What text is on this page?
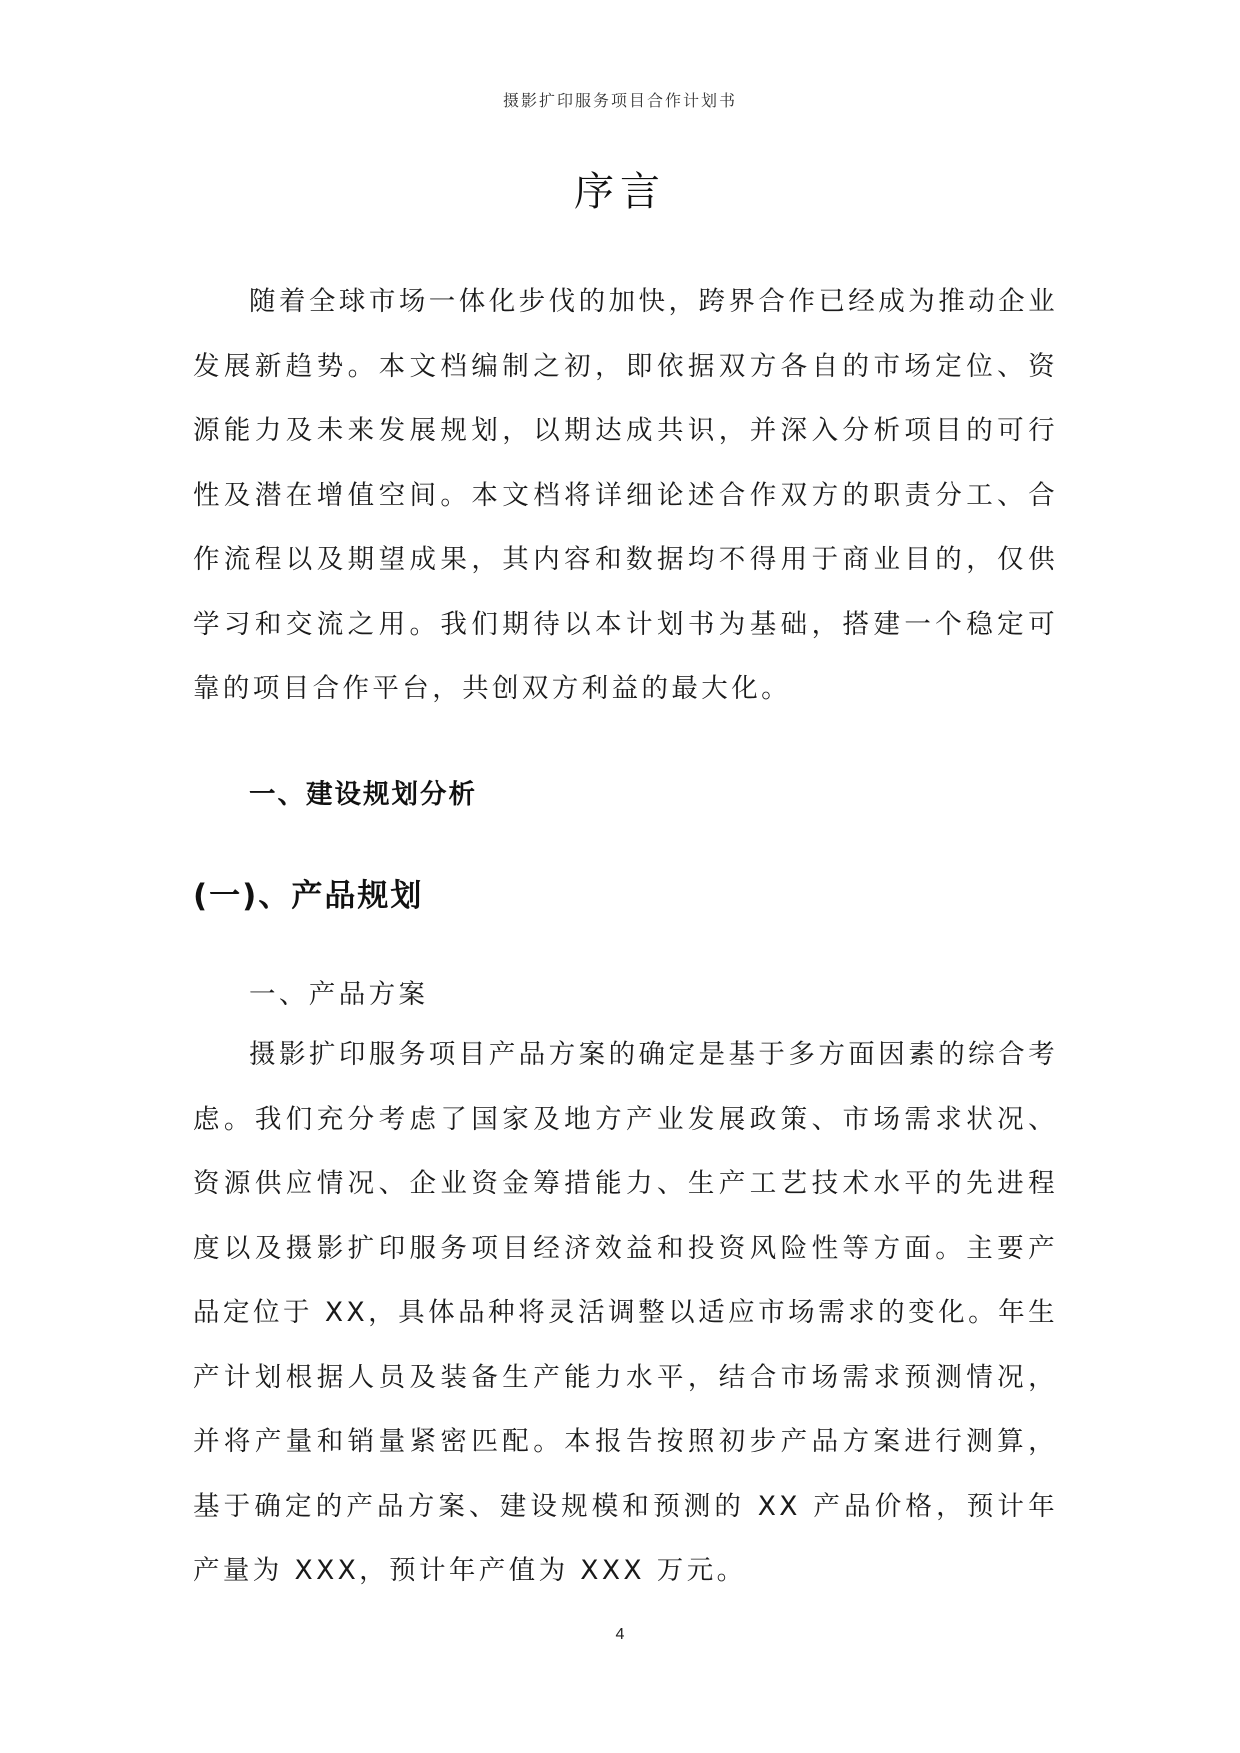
摄影扩印服务项目合作计划书
序言

随着全球市场一体化步伐的加快，跨界合作已经成为推动企业发展新趋势。本文档编制之初，即依据双方各自的市场定位、资源能力及未来发展规划，以期达成共识，并深入分析项目的可行性及潜在增值空间。本文档将详细论述合作双方的职责分工、合作流程以及期望成果，其内容和数据均不得用于商业目的，仅供学习和交流之用。我们期待以本计划书为基础，搭建一个稳定可靠的项目合作平台，共创双方利益的最大化。

一、建设规划分析
(一)、产品规划
一、产品方案

摄影扩印服务项目产品方案的确定是基于多方面因素的综合考虑。我们充分考虑了国家及地方产业发展政策、市场需求状况、资源供应情况、企业资金筹措能力、生产工艺技术水平的先进程度以及摄影扩印服务项目经济效益和投资风险性等方面。主要产品定位于 XX，具体品种将灵活调整以适应市场需求的变化。年生产计划根据人员及装备生产能力水平，结合市场需求预测情况，并将产量和销量紧密匹配。本报告按照初步产品方案进行测算，基于确定的产品方案、建设规模和预测的 XX 产品价格，预计年产量为 XXX，预计年产值为 XXX 万元。

4
